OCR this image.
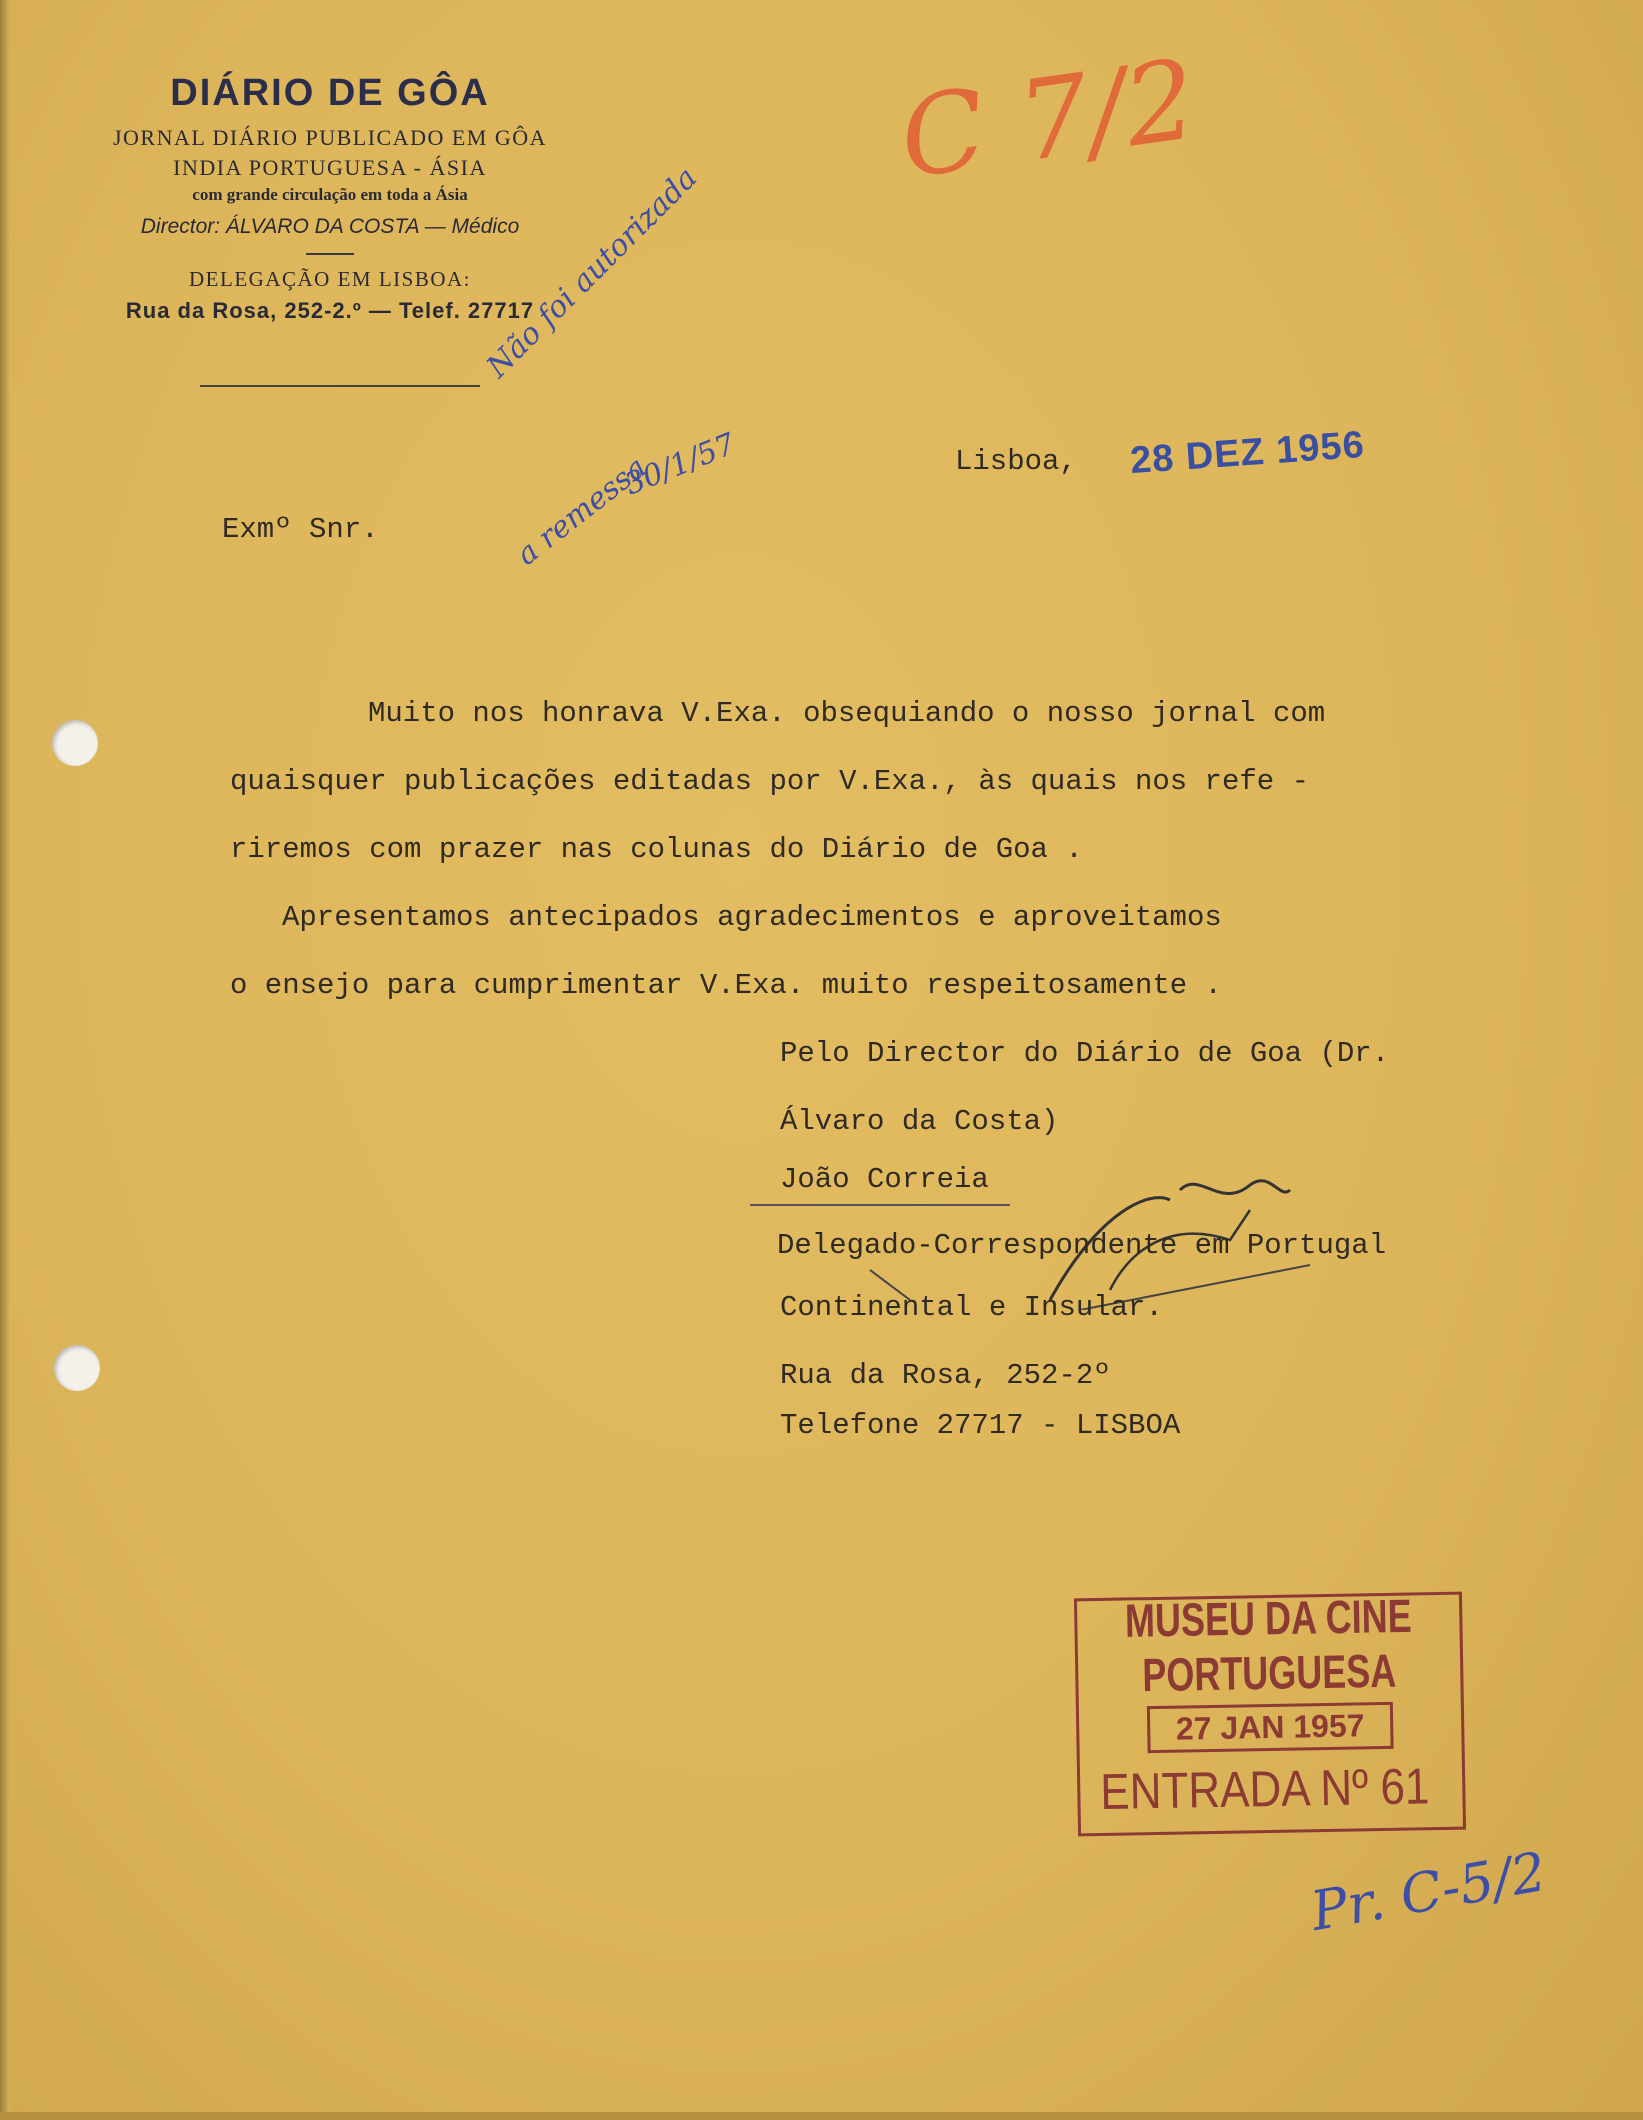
DIÁRIO DE GÔA
JORNAL DIÁRIO PUBLICADO EM GÔA
INDIA PORTUGUESA - ÁSIA
com grande circulação em toda a Ásia
Director: ÁLVARO DA COSTA — Médico
DELEGAÇÃO EM LISBOA:
Rua da Rosa, 252-2.º — Telef. 27717
C 7/2
Não foi autorizada
a remessa
30/1/57	Lisboa, 28 DEZ 1956
Exmº Snr.
Muito nos honrava V.Exa. obsequiando o nosso jornal com
quaisquer publicações editadas por V.Exa., às quais nos refe -
riremos com prazer nas colunas do Diário de Goa .
Apresentamos antecipados agradecimentos e aproveitamos
o ensejo para cumprimentar V.Exa. muito respeitosamente .
Pelo Director do Diário de Goa (Dr.
Álvaro da Costa)
João Correia
Delegado-Correspondente em Portugal
Continental e Insular.
Rua da Rosa, 252-2º
Telefone 27717 - LISBOA
MUSEU DA CINE PORTUGUESA
27 JAN 1957
ENTRADA Nº 61
Pr. C-5/2
